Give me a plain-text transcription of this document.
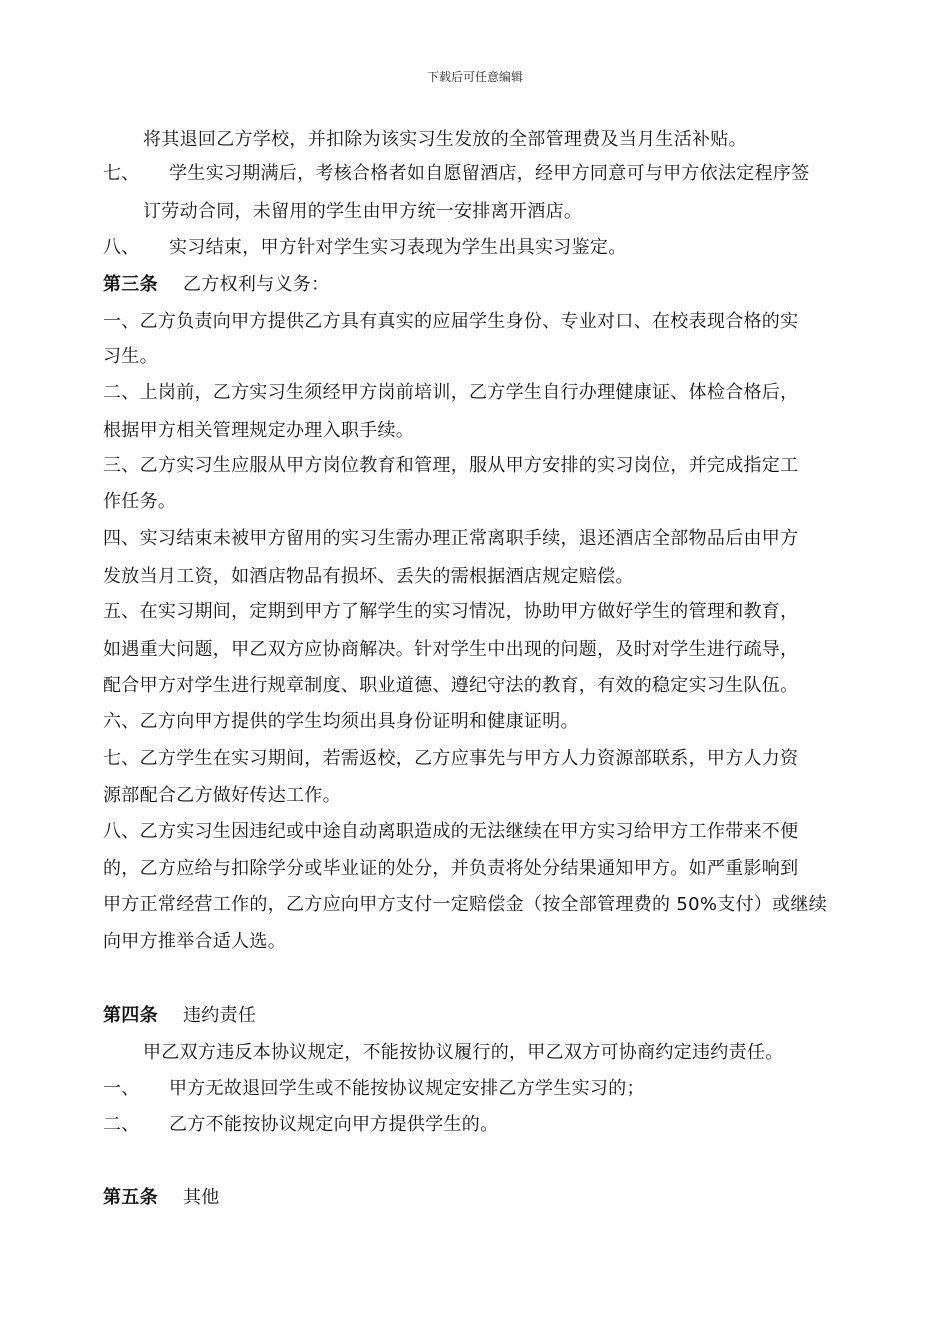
下载后可任意编辑
将其退回乙方学校，并扣除为该实习生发放的全部管理费及当月生活补贴。
七、 学生实习期满后，考核合格者如自愿留酒店，经甲方同意可与甲方依法定程序签
订劳动合同，未留用的学生由甲方统一安排离开酒店。
八、 实习结束，甲方针对学生实习表现为学生出具实习鉴定。
第三条 乙方权利与义务：
一、乙方负责向甲方提供乙方具有真实的应届学生身份、专业对口、在校表现合格的实
习生。
二、上岗前，乙方实习生须经甲方岗前培训，乙方学生自行办理健康证、体检合格后，
根据甲方相关管理规定办理入职手续。
三、乙方实习生应服从甲方岗位教育和管理，服从甲方安排的实习岗位，并完成指定工
作任务。
四、实习结束未被甲方留用的实习生需办理正常离职手续，退还酒店全部物品后由甲方
发放当月工资，如酒店物品有损坏、丢失的需根据酒店规定赔偿。
五、在实习期间，定期到甲方了解学生的实习情况，协助甲方做好学生的管理和教育，
如遇重大问题，甲乙双方应协商解决。针对学生中出现的问题，及时对学生进行疏导，
配合甲方对学生进行规章制度、职业道德、遵纪守法的教育，有效的稳定实习生队伍。
六、乙方向甲方提供的学生均须出具身份证明和健康证明。
七、乙方学生在实习期间，若需返校，乙方应事先与甲方人力资源部联系，甲方人力资
源部配合乙方做好传达工作。
八、乙方实习生因违纪或中途自动离职造成的无法继续在甲方实习给甲方工作带来不便
的，乙方应给与扣除学分或毕业证的处分，并负责将处分结果通知甲方。如严重影响到
甲方正常经营工作的，乙方应向甲方支付一定赔偿金（按全部管理费的 50%支付）或继续
向甲方推举合适人选。
第四条 违约责任
甲乙双方违反本协议规定，不能按协议履行的，甲乙双方可协商约定违约责任。
一、 甲方无故退回学生或不能按协议规定安排乙方学生实习的；
二、 乙方不能按协议规定向甲方提供学生的。
第五条 其他
